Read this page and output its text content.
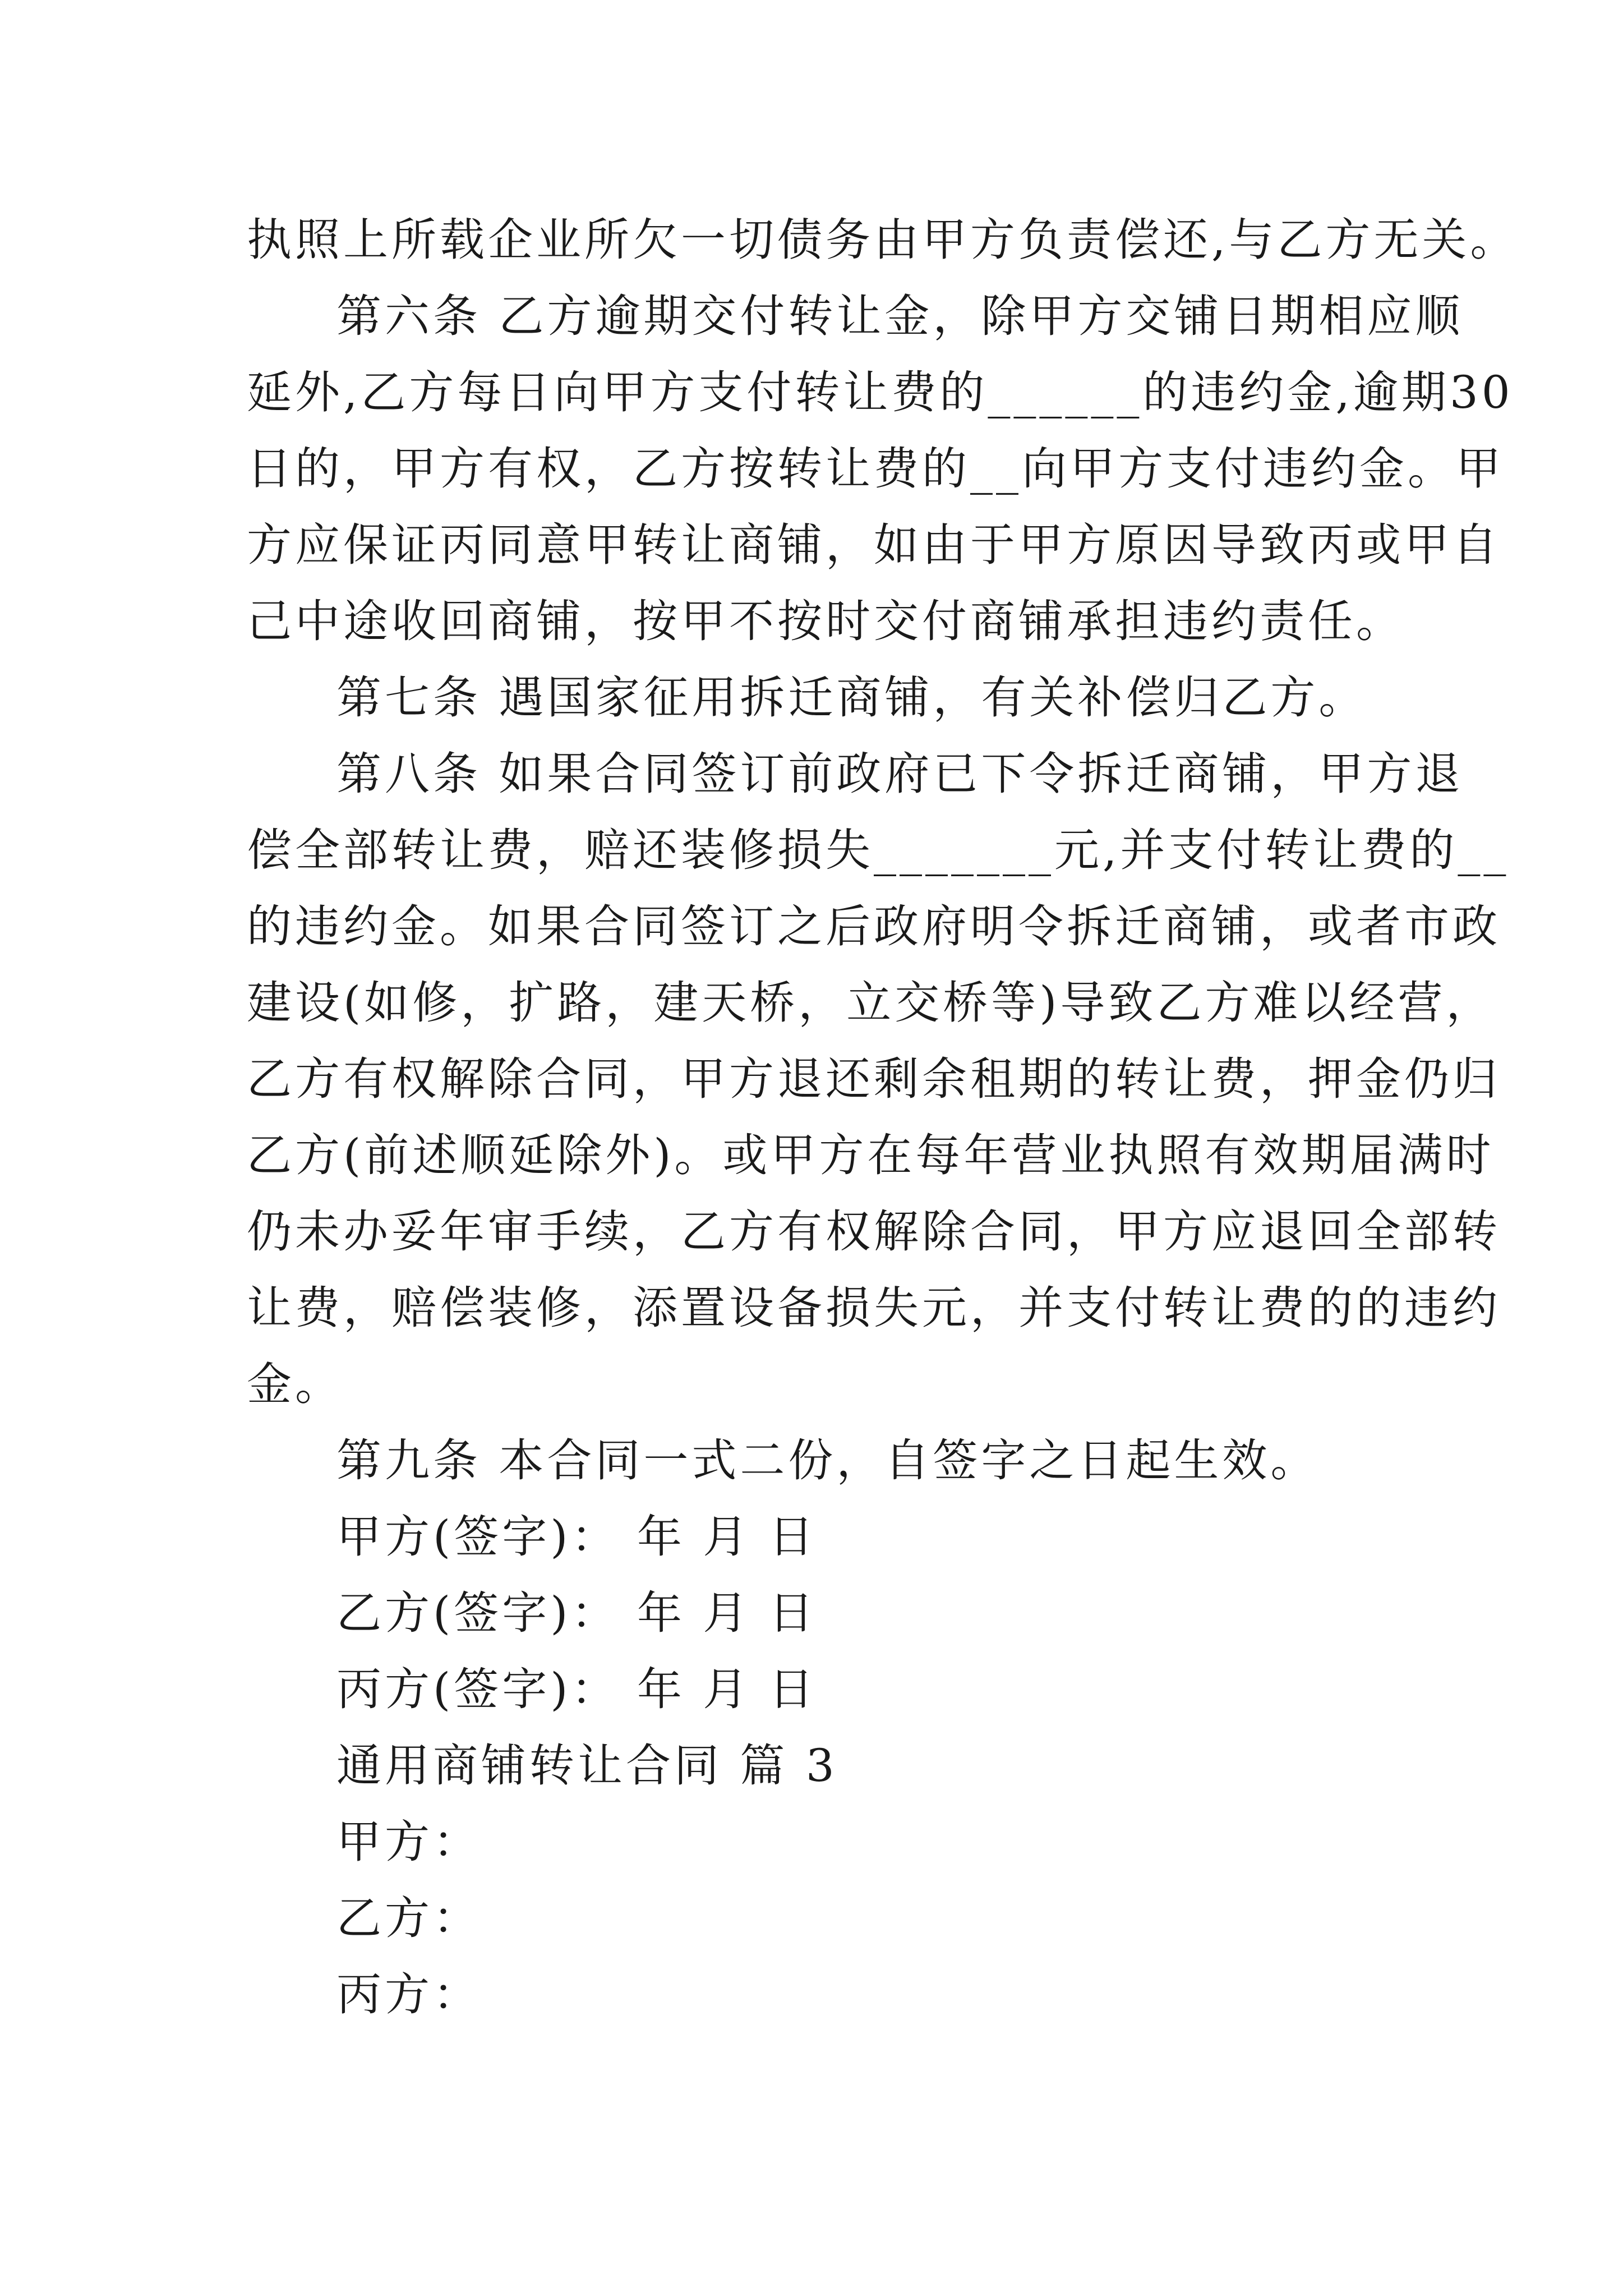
执照上所载企业所欠一切债务由甲方负责偿还,与乙方无关。
第六条 乙方逾期交付转让金，除甲方交铺日期相应顺
延外,乙方每日向甲方支付转让费的______的违约金,逾期30
日的，甲方有权，乙方按转让费的__向甲方支付违约金。甲
方应保证丙同意甲转让商铺，如由于甲方原因导致丙或甲自
己中途收回商铺，按甲不按时交付商铺承担违约责任。
第七条 遇国家征用拆迁商铺，有关补偿归乙方。
第八条 如果合同签订前政府已下令拆迁商铺，甲方退
偿全部转让费，赔还装修损失_______元,并支付转让费的__
的违约金。如果合同签订之后政府明令拆迁商铺，或者市政
建设(如修，扩路，建天桥，立交桥等)导致乙方难以经营，
乙方有权解除合同，甲方退还剩余租期的转让费，押金仍归
乙方(前述顺延除外)。或甲方在每年营业执照有效期届满时
仍未办妥年审手续，乙方有权解除合同，甲方应退回全部转
让费，赔偿装修，添置设备损失元，并支付转让费的的违约
金。
第九条 本合同一式二份，自签字之日起生效。
甲方(签字)： 年 月 日
乙方(签字)： 年 月 日
丙方(签字)： 年 月 日
通用商铺转让合同 篇 3
甲方：
乙方：
丙方：
